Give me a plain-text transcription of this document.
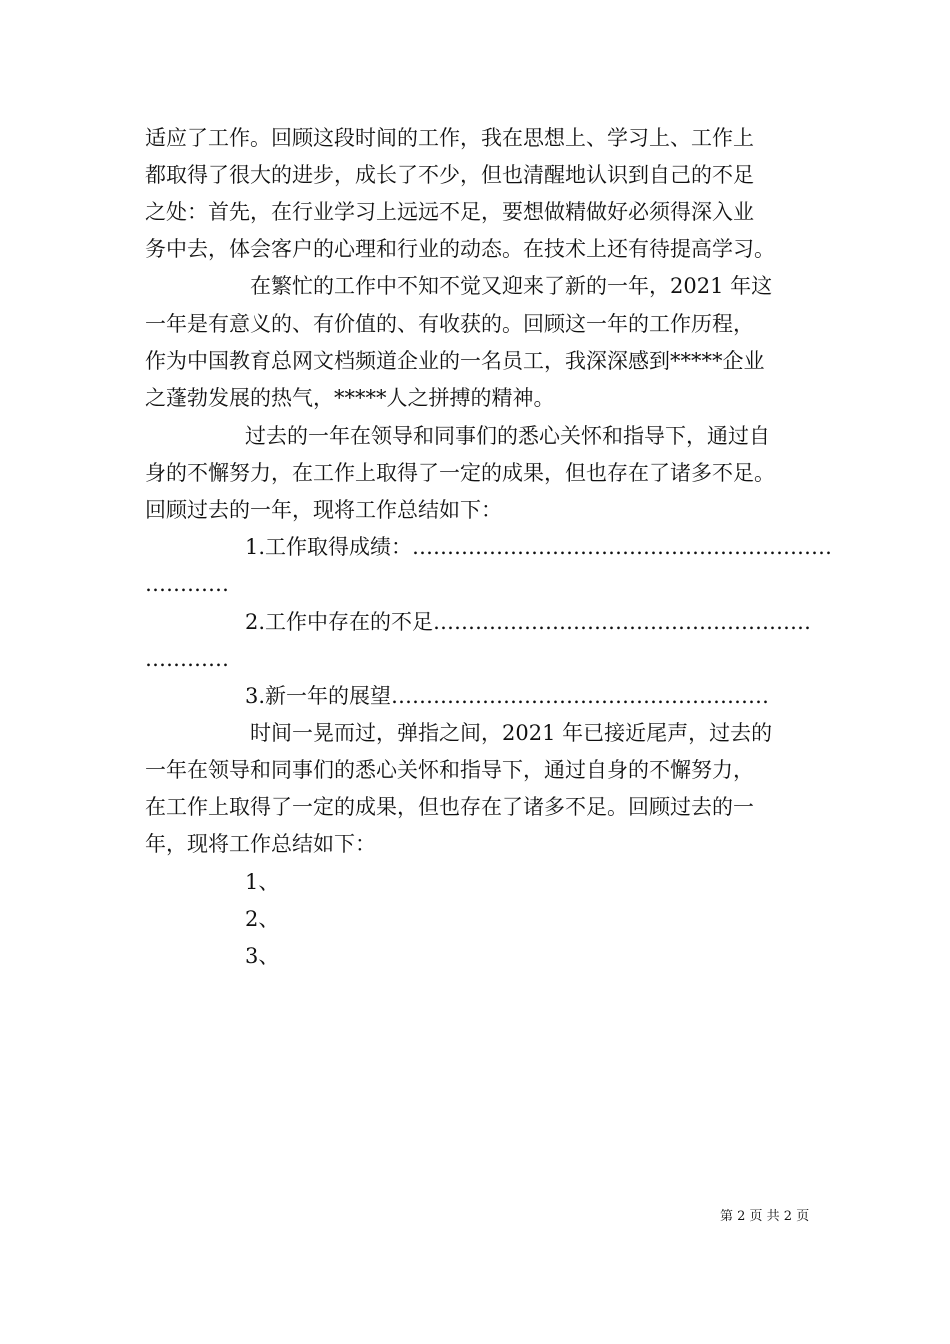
适应了工作。回顾这段时间的工作，我在思想上、学习上、工作上
都取得了很大的进步，成长了不少，但也清醒地认识到自己的不足
之处：首先，在行业学习上远远不足，要想做精做好必须得深入业
务中去，体会客户的心理和行业的动态。在技术上还有待提高学习。
在繁忙的工作中不知不觉又迎来了新的一年，2021 年这
一年是有意义的、有价值的、有收获的。回顾这一年的工作历程，
作为中国教育总网文档频道企业的一名员工，我深深感到*****企业
之蓬勃发展的热气，*****人之拼搏的精神。
过去的一年在领导和同事们的悉心关怀和指导下，通过自
身的不懈努力，在工作上取得了一定的成果，但也存在了诸多不足。
回顾过去的一年，现将工作总结如下：
1.工作取得成绩：……………………………………………………
…………
2.工作中存在的不足………………………………………………
…………
3.新一年的展望………………………………………………
时间一晃而过，弹指之间，2021 年已接近尾声，过去的
一年在领导和同事们的悉心关怀和指导下，通过自身的不懈努力，
在工作上取得了一定的成果，但也存在了诸多不足。回顾过去的一
年，现将工作总结如下：
1、
2、
3、
第 2 页 共 2 页
